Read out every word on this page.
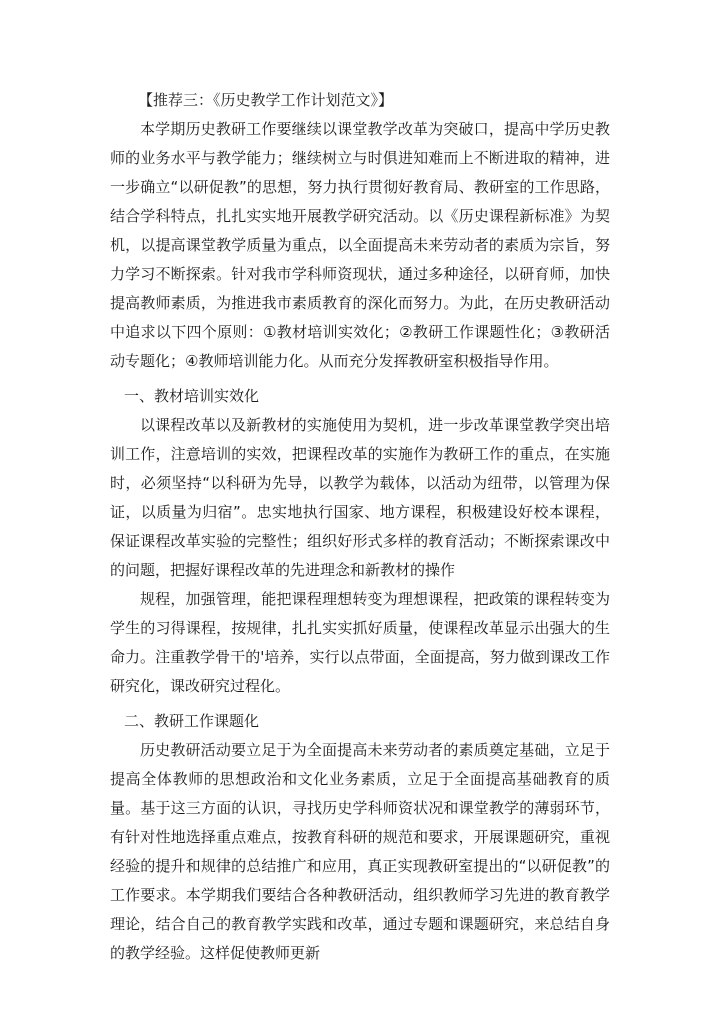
【推荐三：《历史教学工作计划范文》】

本学期历史教研工作要继续以课堂教学改革为突破口，提高中学历史教师的业务水平与教学能力；继续树立与时俱进知难而上不断进取的精神，进一步确立“以研促教”的思想，努力执行贯彻好教育局、教研室的工作思路，结合学科特点，扎扎实实地开展教学研究活动。以《历史课程新标准》为契机，以提高课堂教学质量为重点，以全面提高未来劳动者的素质为宗旨，努力学习不断探索。针对我市学科师资现状，通过多种途径，以研育师，加快提高教师素质，为推进我市素质教育的深化而努力。为此，在历史教研活动中追求以下四个原则：①教材培训实效化；②教研工作课题性化；③教研活动专题化；④教师培训能力化。从而充分发挥教研室积极指导作用。

一、教材培训实效化

以课程改革以及新教材的实施使用为契机，进一步改革课堂教学突出培训工作，注意培训的实效，把课程改革的实施作为教研工作的重点，在实施时，必须坚持“以科研为先导，以教学为载体，以活动为纽带，以管理为保证，以质量为归宿”。忠实地执行国家、地方课程，积极建设好校本课程，保证课程改革实验的完整性；组织好形式多样的教育活动；不断探索课改中的问题，把握好课程改革的先进理念和新教材的操作

规程，加强管理，能把课程理想转变为理想课程，把政策的课程转变为学生的习得课程，按规律，扎扎实实抓好质量，使课程改革显示出强大的生命力。注重教学骨干的'培养，实行以点带面，全面提高，努力做到课改工作研究化，课改研究过程化。

二、教研工作课题化

历史教研活动要立足于为全面提高未来劳动者的素质奠定基础，立足于提高全体教师的思想政治和文化业务素质，立足于全面提高基础教育的质量。基于这三方面的认识，寻找历史学科师资状况和课堂教学的薄弱环节，有针对性地选择重点难点，按教育科研的规范和要求，开展课题研究，重视经验的提升和规律的总结推广和应用，真正实现教研室提出的“以研促教”的工作要求。本学期我们要结合各种教研活动，组织教师学习先进的教育教学理论，结合自己的教育教学实践和改革，通过专题和课题研究，来总结自身的教学经验。这样促使教师更新
